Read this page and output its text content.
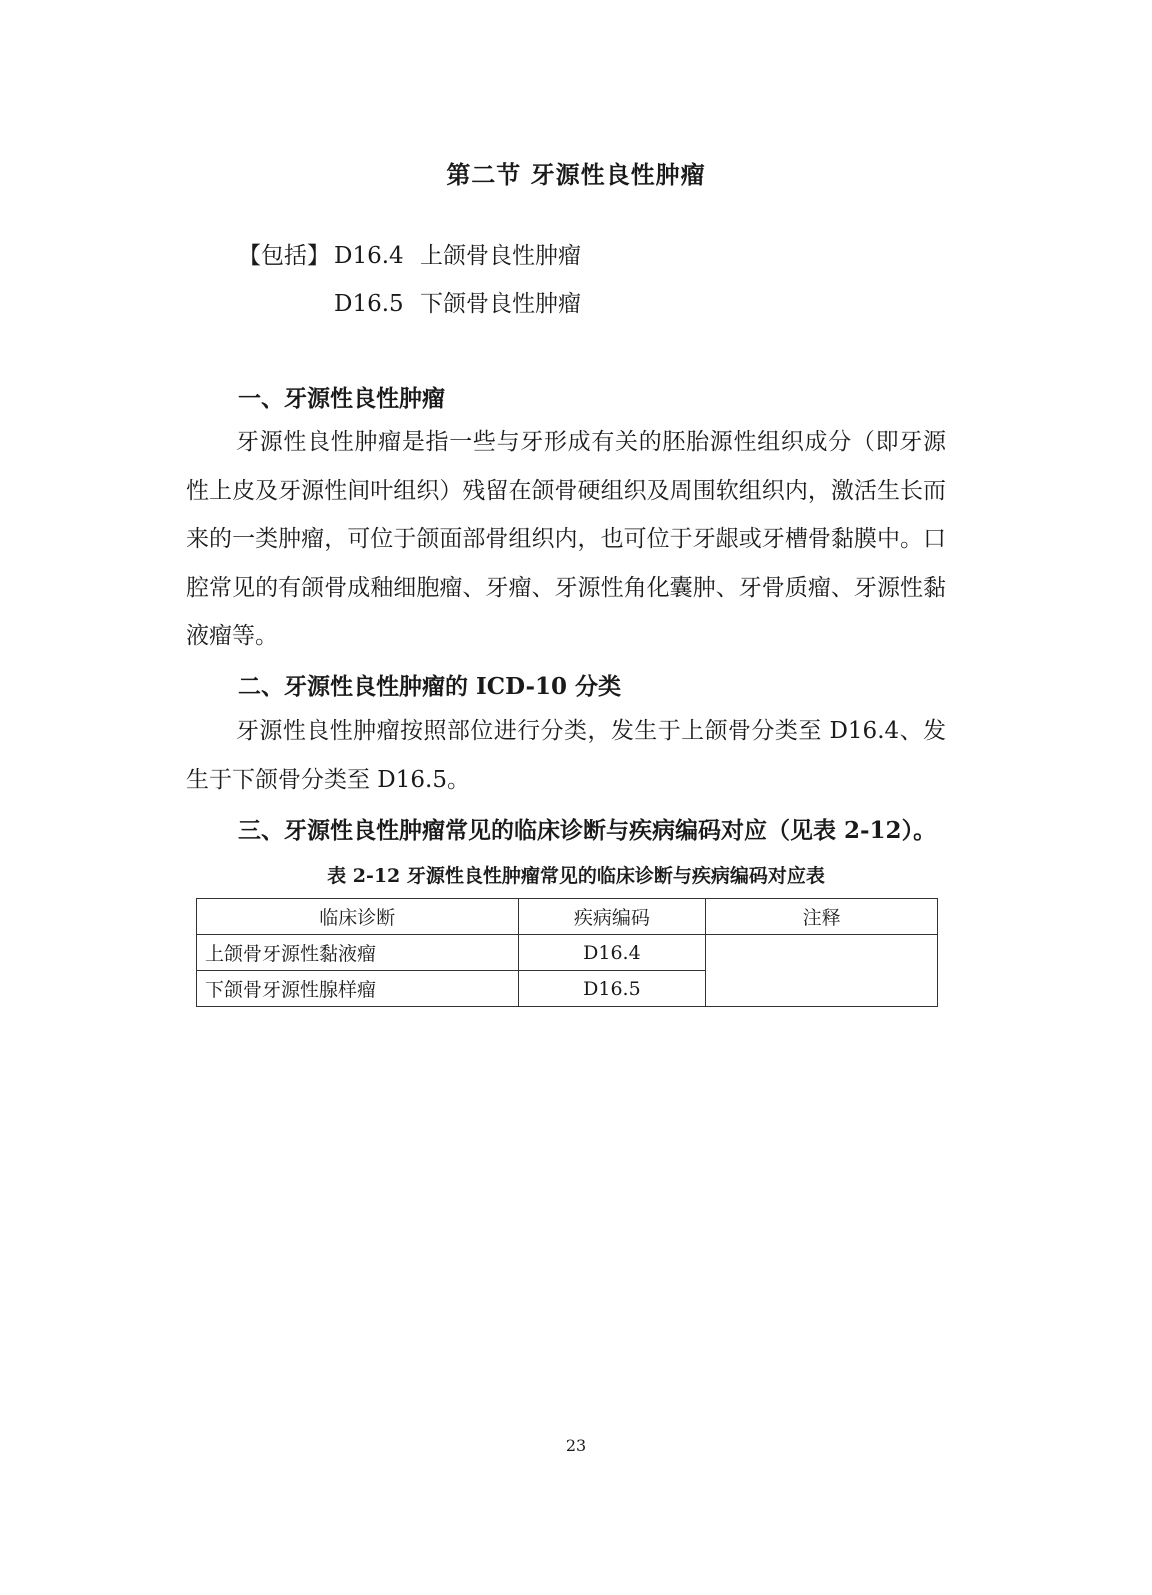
第二节 牙源性良性肿瘤
【包括】 D16.4 上颌骨良性肿瘤
D16.5 下颌骨良性肿瘤
一、牙源性良性肿瘤
牙源性良性肿瘤是指一些与牙形成有关的胚胎源性组织成分（即牙源性上皮及牙源性间叶组织）残留在颌骨硬组织及周围软组织内，激活生长而来的一类肿瘤，可位于颌面部骨组织内，也可位于牙龈或牙槽骨黏膜中。口腔常见的有颌骨成釉细胞瘤、牙瘤、牙源性角化囊肿、牙骨质瘤、牙源性黏液瘤等。
二、牙源性良性肿瘤的 ICD-10 分类
牙源性良性肿瘤按照部位进行分类，发生于上颌骨分类至 D16.4、发生于下颌骨分类至 D16.5。
三、牙源性良性肿瘤常见的临床诊断与疾病编码对应（见表 2-12）。
表 2-12 牙源性良性肿瘤常见的临床诊断与疾病编码对应表
临床诊断	疾病编码	注释
上颌骨牙源性黏液瘤	D16.4	
下颌骨牙源性腺样瘤	D16.5	
23
